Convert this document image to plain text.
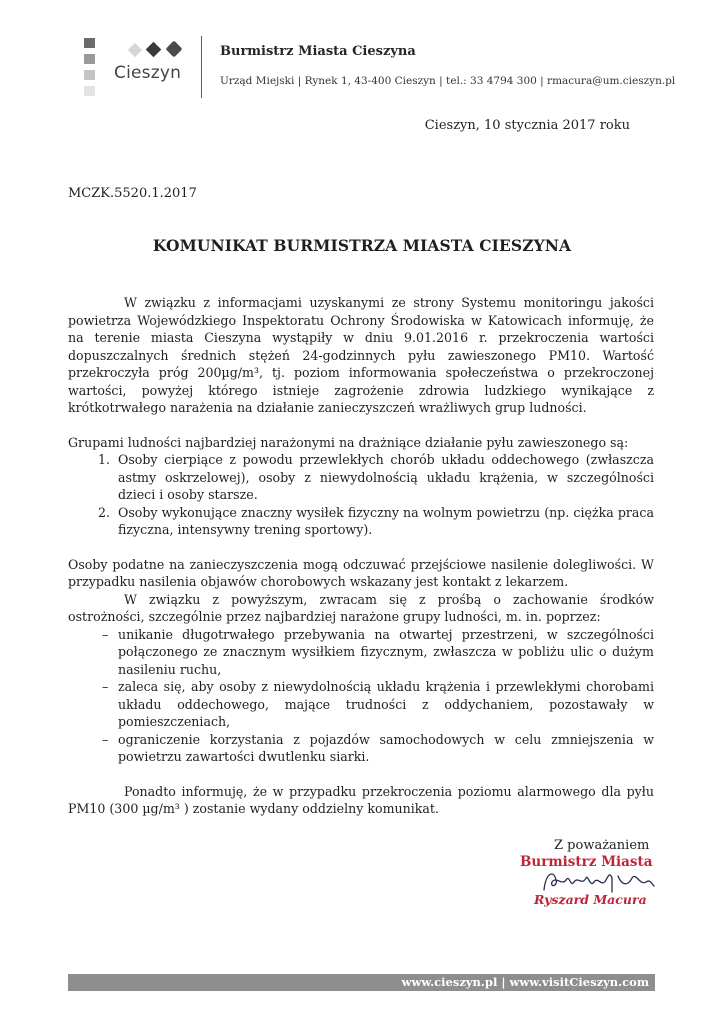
Cieszyn
Burmistrz Miasta Cieszyna
Urząd Miejski | Rynek 1, 43-400 Cieszyn | tel.: 33 4794 300 | rmacura@um.cieszyn.pl
Cieszyn, 10 stycznia 2017 roku
MCZK.5520.1.2017
KOMUNIKAT BURMISTRZA MIASTA CIESZYNA

W związku z informacjami uzyskanymi ze strony Systemu monitoringu jakości powietrza Wojewódzkiego Inspektoratu Ochrony Środowiska w Katowicach informuję, że na terenie miasta Cieszyna wystąpiły w dniu 9.01.2016 r. przekroczenia wartości dopuszczalnych średnich stężeń 24-godzinnych pyłu zawieszonego PM10. Wartość przekroczyła próg 200µg/m³, tj. poziom informowania społeczeństwa o przekroczonej wartości, powyżej którego istnieje zagrożenie zdrowia ludzkiego wynikające z krótkotrwałego narażenia na działanie zanieczyszczeń wrażliwych grup ludności.

Grupami ludności najbardziej narażonymi na drażniące działanie pyłu zawieszonego są:

1. Osoby cierpiące z powodu przewlekłych chorób układu oddechowego (zwłaszcza astmy oskrzelowej), osoby z niewydolnością układu krążenia, w szczególności dzieci i osoby starsze.
2. Osoby wykonujące znaczny wysiłek fizyczny na wolnym powietrzu (np. ciężka praca fizyczna, intensywny trening sportowy).

Osoby podatne na zanieczyszczenia mogą odczuwać przejściowe nasilenie dolegliwości. W przypadku nasilenia objawów chorobowych wskazany jest kontakt z lekarzem.

W związku z powyższym, zwracam się z prośbą o zachowanie środków ostrożności, szczególnie przez najbardziej narażone grupy ludności, m. in. poprzez:

– unikanie długotrwałego przebywania na otwartej przestrzeni, w szczególności połączonego ze znacznym wysiłkiem fizycznym, zwłaszcza w pobliżu ulic o dużym nasileniu ruchu,
– zaleca się, aby osoby z niewydolnością układu krążenia i przewlekłymi chorobami układu oddechowego, mające trudności z oddychaniem, pozostawały w pomieszczeniach,
– ograniczenie korzystania z pojazdów samochodowych w celu zmniejszenia w powietrzu zawartości dwutlenku siarki.

Ponadto informuję, że w przypadku przekroczenia poziomu alarmowego dla pyłu PM10 (300 µg/m³ ) zostanie wydany oddzielny komunikat.

Z poważaniem
Burmistrz Miasta
Ryszard Macura
www.cieszyn.pl | www.visitCieszyn.com
